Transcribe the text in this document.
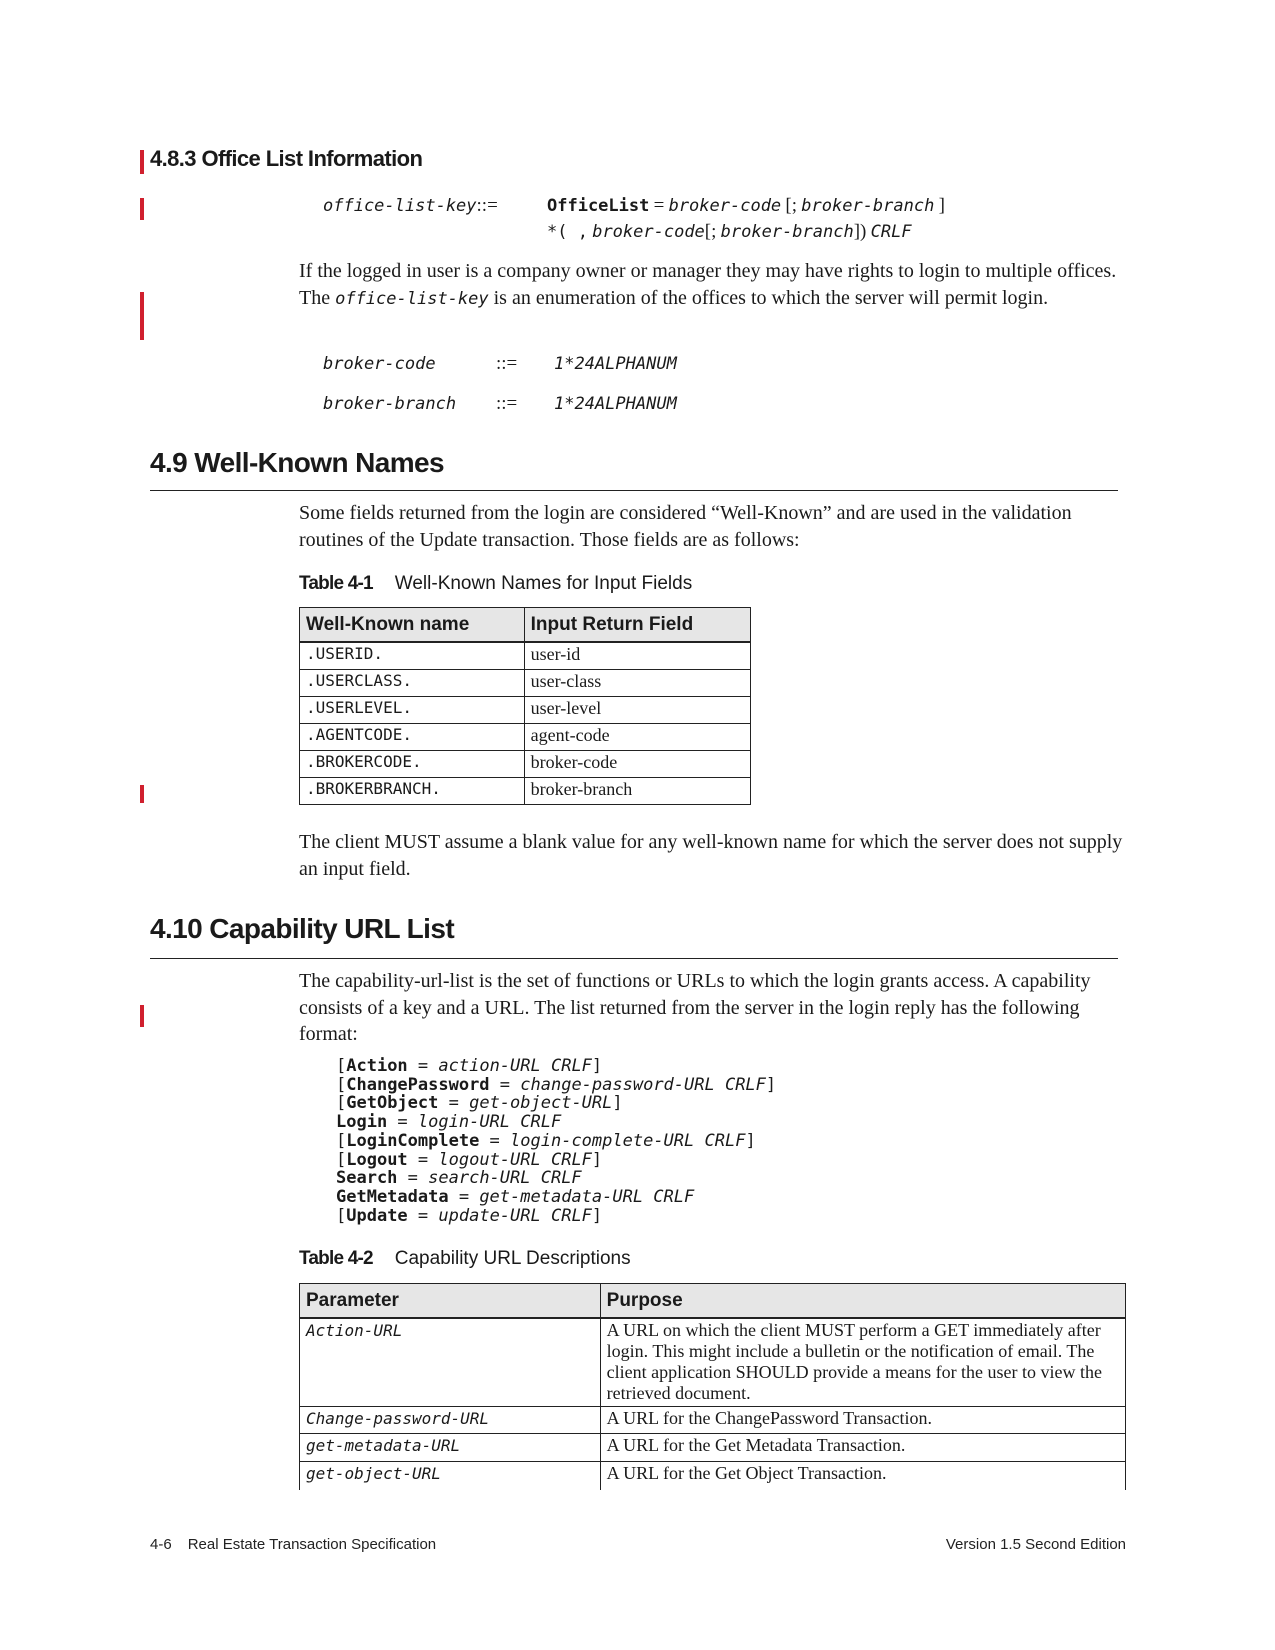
4.8.3 Office List Information
office-list-key::=	OfficeList = broker-code [; broker-branch ]
*( , broker-code[; broker-branch]) CRLF
If the logged in user is a company owner or manager they may have rights to login to multiple offices. The office-list-key is an enumeration of the offices to which the server will permit login.
broker-code	::= 1*24ALPHANUM
broker-branch ::= 1*24ALPHANUM
4.9 Well-Known Names
Some fields returned from the login are considered “Well-Known” and are used in the validation routines of the Update transaction. Those fields are as follows:
Table 4-1 Well-Known Names for Input Fields
Well-Known name	Input Return Field
.USERID.	user-id
.USERCLASS.	user-class
.USERLEVEL.	user-level
.AGENTCODE.	agent-code
.BROKERCODE.	broker-code
.BROKERBRANCH.	broker-branch
The client MUST assume a blank value for any well-known name for which the server does not supply an input field.
4.10 Capability URL List
The capability-url-list is the set of functions or URLs to which the login grants access. A capability consists of a key and a URL. The list returned from the server in the login reply has the following format:
[Action = action-URL CRLF]
[ChangePassword = change-password-URL CRLF]
[GetObject = get-object-URL]
Login = login-URL CRLF
[LoginComplete = login-complete-URL CRLF]
[Logout = logout-URL CRLF]
Search = search-URL CRLF
GetMetadata = get-metadata-URL CRLF
[Update = update-URL CRLF]
Table 4-2 Capability URL Descriptions
Parameter	Purpose
Action-URL	A URL on which the client MUST perform a GET immediately after login. This might include a bulletin or the notification of email. The client application SHOULD provide a means for the user to view the retrieved document.
Change-password-URL	A URL for the ChangePassword Transaction.
get-metadata-URL	A URL for the Get Metadata Transaction.
get-object-URL	A URL for the Get Object Transaction.
4-6 Real Estate Transaction Specification	Version 1.5 Second Edition
